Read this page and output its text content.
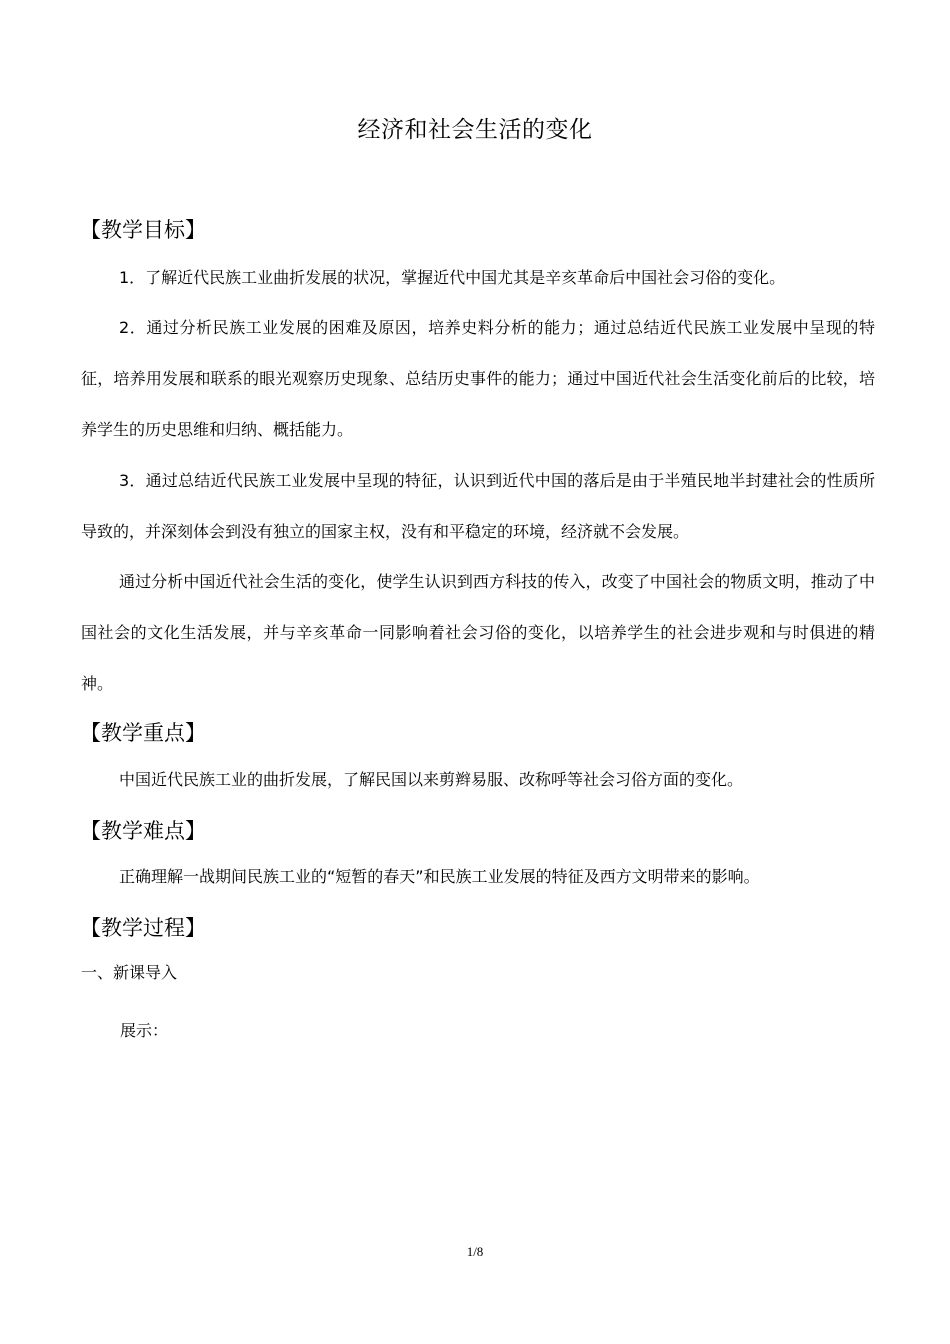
经济和社会生活的变化
【教学目标】

1．了解近代民族工业曲折发展的状况，掌握近代中国尤其是辛亥革命后中国社会习俗的变化。

2．通过分析民族工业发展的困难及原因，培养史料分析的能力；通过总结近代民族工业发展中呈现的特征，培养用发展和联系的眼光观察历史现象、总结历史事件的能力；通过中国近代社会生活变化前后的比较，培养学生的历史思维和归纳、概括能力。

3．通过总结近代民族工业发展中呈现的特征，认识到近代中国的落后是由于半殖民地半封建社会的性质所导致的，并深刻体会到没有独立的国家主权，没有和平稳定的环境，经济就不会发展。

通过分析中国近代社会生活的变化，使学生认识到西方科技的传入，改变了中国社会的物质文明，推动了中国社会的文化生活发展，并与辛亥革命一同影响着社会习俗的变化，以培养学生的社会进步观和与时俱进的精神。

【教学重点】

中国近代民族工业的曲折发展，了解民国以来剪辫易服、改称呼等社会习俗方面的变化。

【教学难点】

正确理解一战期间民族工业的“短暂的春天”和民族工业发展的特征及西方文明带来的影响。

【教学过程】
一、新课导入
展示：
1/8
